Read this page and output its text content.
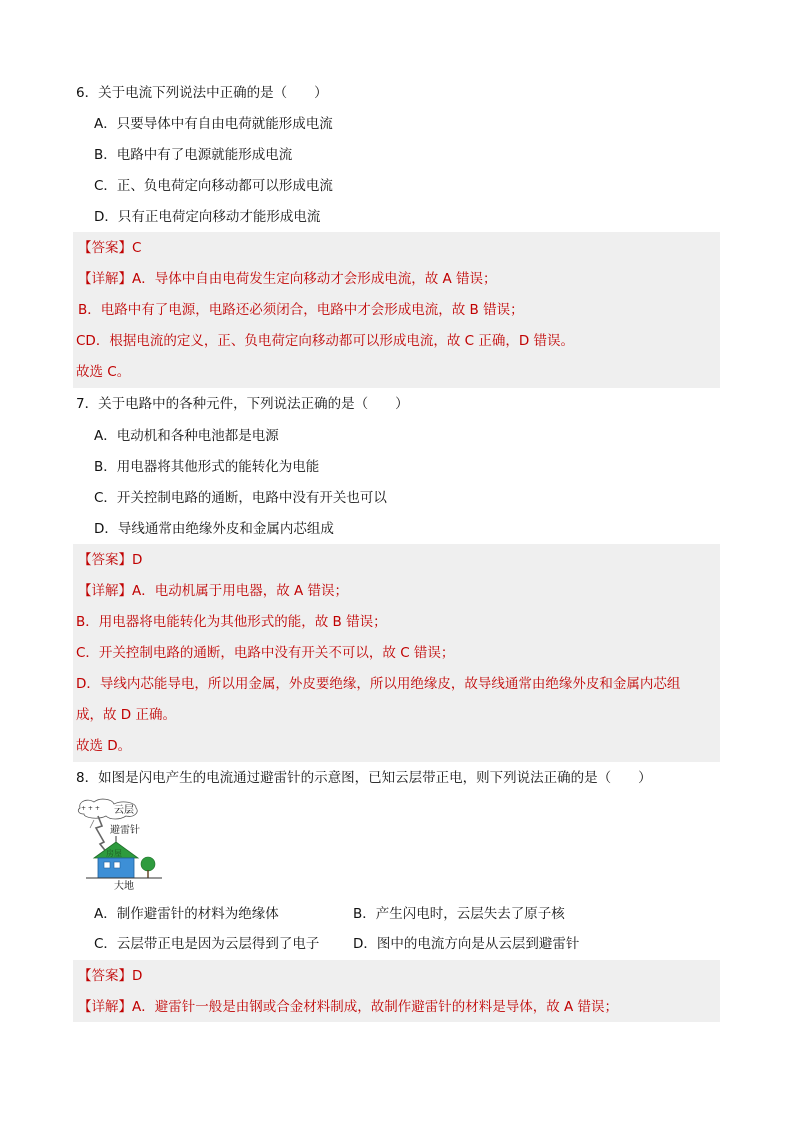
6．关于电流下列说法中正确的是（　　）
A．只要导体中有自由电荷就能形成电流
B．电路中有了电源就能形成电流
C．正、负电荷定向移动都可以形成电流
D．只有正电荷定向移动才能形成电流
【答案】C
【详解】A．导体中自由电荷发生定向移动才会形成电流，故 A 错误；
B．电路中有了电源，电路还必须闭合，电路中才会形成电流，故 B 错误；
CD．根据电流的定义，正、负电荷定向移动都可以形成电流，故 C 正确，D 错误。
故选 C。
7．关于电路中的各种元件，下列说法正确的是（　　）
A．电动机和各种电池都是电源
B．用电器将其他形式的能转化为电能
C．开关控制电路的通断，电路中没有开关也可以
D．导线通常由绝缘外皮和金属内芯组成
【答案】D
【详解】A．电动机属于用电器，故 A 错误；
B．用电器将电能转化为其他形式的能，故 B 错误；
C．开关控制电路的通断，电路中没有开关不可以，故 C 错误；
D．导线内芯能导电，所以用金属，外皮要绝缘，所以用绝缘皮，故导线通常由绝缘外皮和金属内芯组
成，故 D 正确。
故选 D。
8．如图是闪电产生的电流通过避雷针的示意图，已知云层带正电，则下列说法正确的是（　　）
+ + + 云层
避雷针
房屋
大地
A．制作避雷针的材料为绝缘体	B．产生闪电时，云层失去了原子核
C．云层带正电是因为云层得到了电子 D．图中的电流方向是从云层到避雷针
【答案】D
【详解】A．避雷针一般是由钢或合金材料制成，故制作避雷针的材料是导体，故 A 错误；
